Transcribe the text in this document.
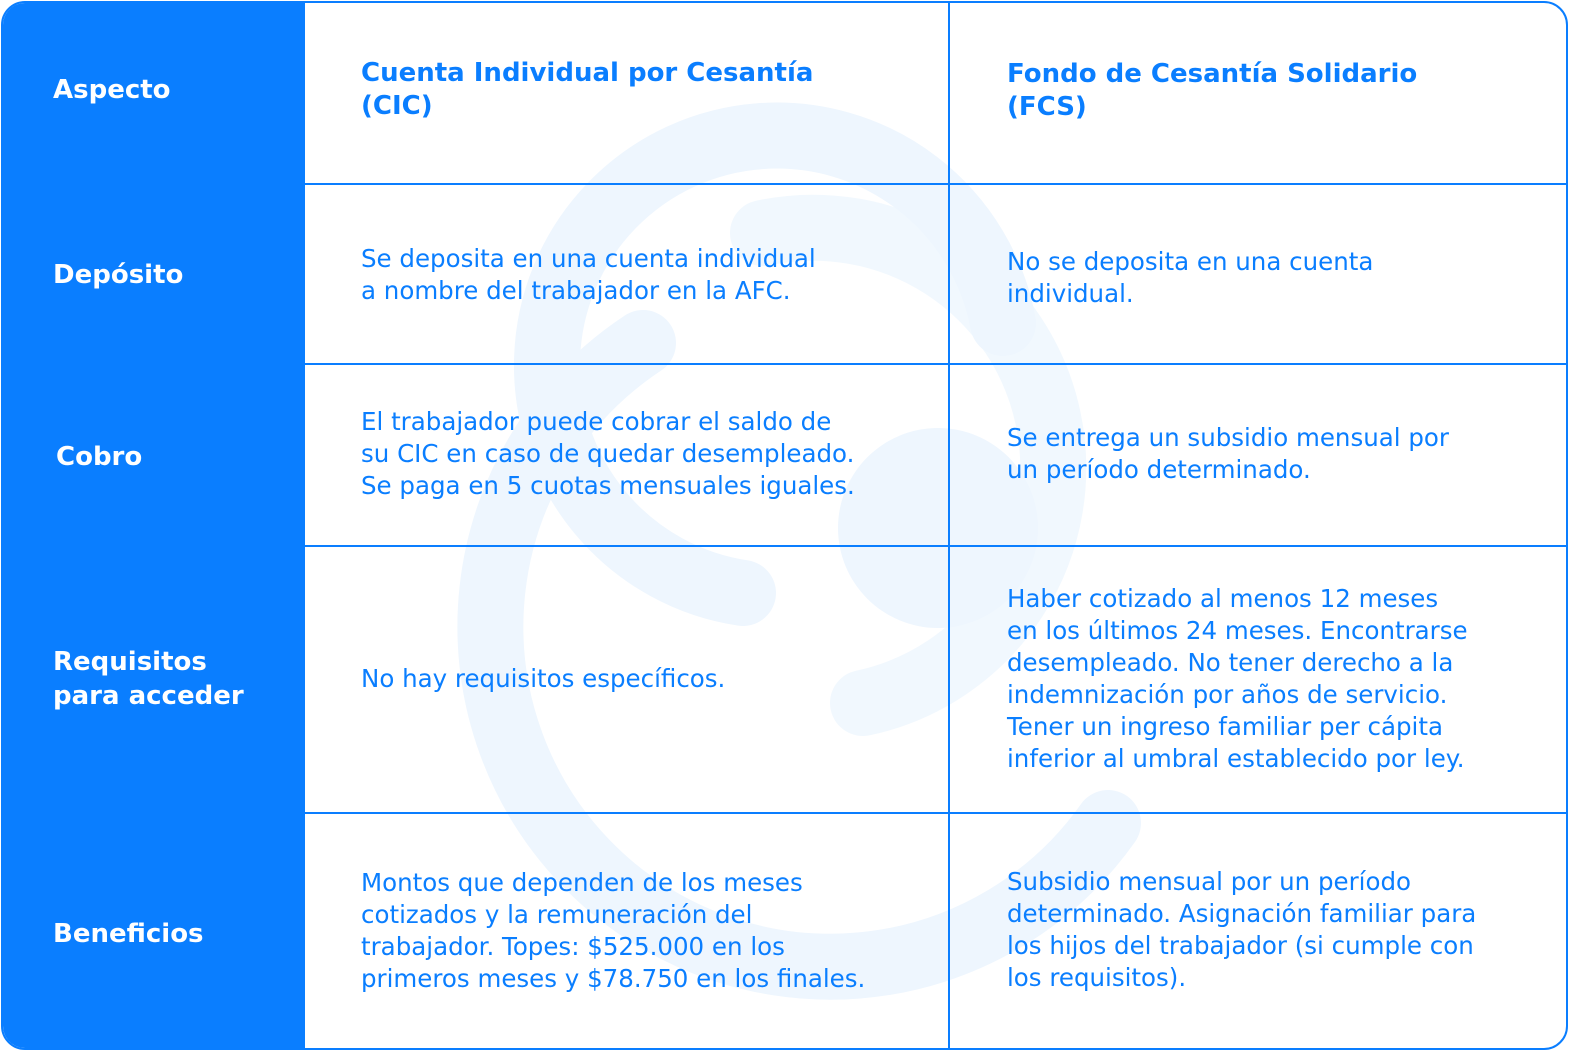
Aspecto
Cuenta Individual por Cesantía
(CIC)
Fondo de Cesantía Solidario
(FCS)
Depósito
Se deposita en una cuenta individual
a nombre del trabajador en la AFC.
No se deposita en una cuenta
individual.
Cobro
El trabajador puede cobrar el saldo de
su CIC en caso de quedar desempleado.
Se paga en 5 cuotas mensuales iguales.
Se entrega un subsidio mensual por
un período determinado.
Requisitos
para acceder
No hay requisitos específicos.
Haber cotizado al menos 12 meses
en los últimos 24 meses. Encontrarse
desempleado. No tener derecho a la
indemnización por años de servicio.
Tener un ingreso familiar per cápita
inferior al umbral establecido por ley.
Beneficios
Montos que dependen de los meses
cotizados y la remuneración del
trabajador. Topes: $525.000 en los
primeros meses y $78.750 en los finales.
Subsidio mensual por un período
determinado. Asignación familiar para
los hijos del trabajador (si cumple con
los requisitos).
